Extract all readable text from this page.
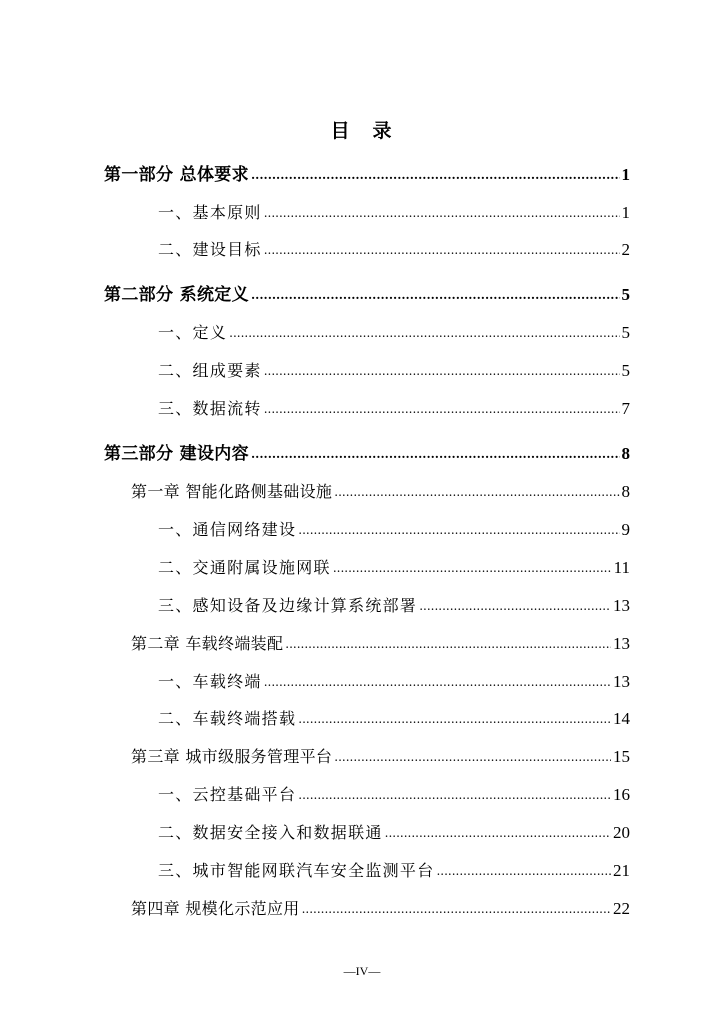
目　录
第一部分 总体要求 .....	1
一、基本原则 .....	1
二、建设目标 .....	2
第二部分 系统定义 .....	5
一、定义 .....	5
二、组成要素 .....	5
三、数据流转 .....	7
第三部分 建设内容 .....	8
第一章 智能化路侧基础设施 .....	8
一、通信网络建设 .....	9
二、交通附属设施网联 .....	11
三、感知设备及边缘计算系统部署 .....	13
第二章 车载终端装配 .....	13
一、车载终端 .....	13
二、车载终端搭载 .....	14
第三章 城市级服务管理平台 .....	15
一、云控基础平台 .....	16
二、数据安全接入和数据联通 .....	20
三、城市智能网联汽车安全监测平台 .....	21
第四章 规模化示范应用 .....	22
—IV—
